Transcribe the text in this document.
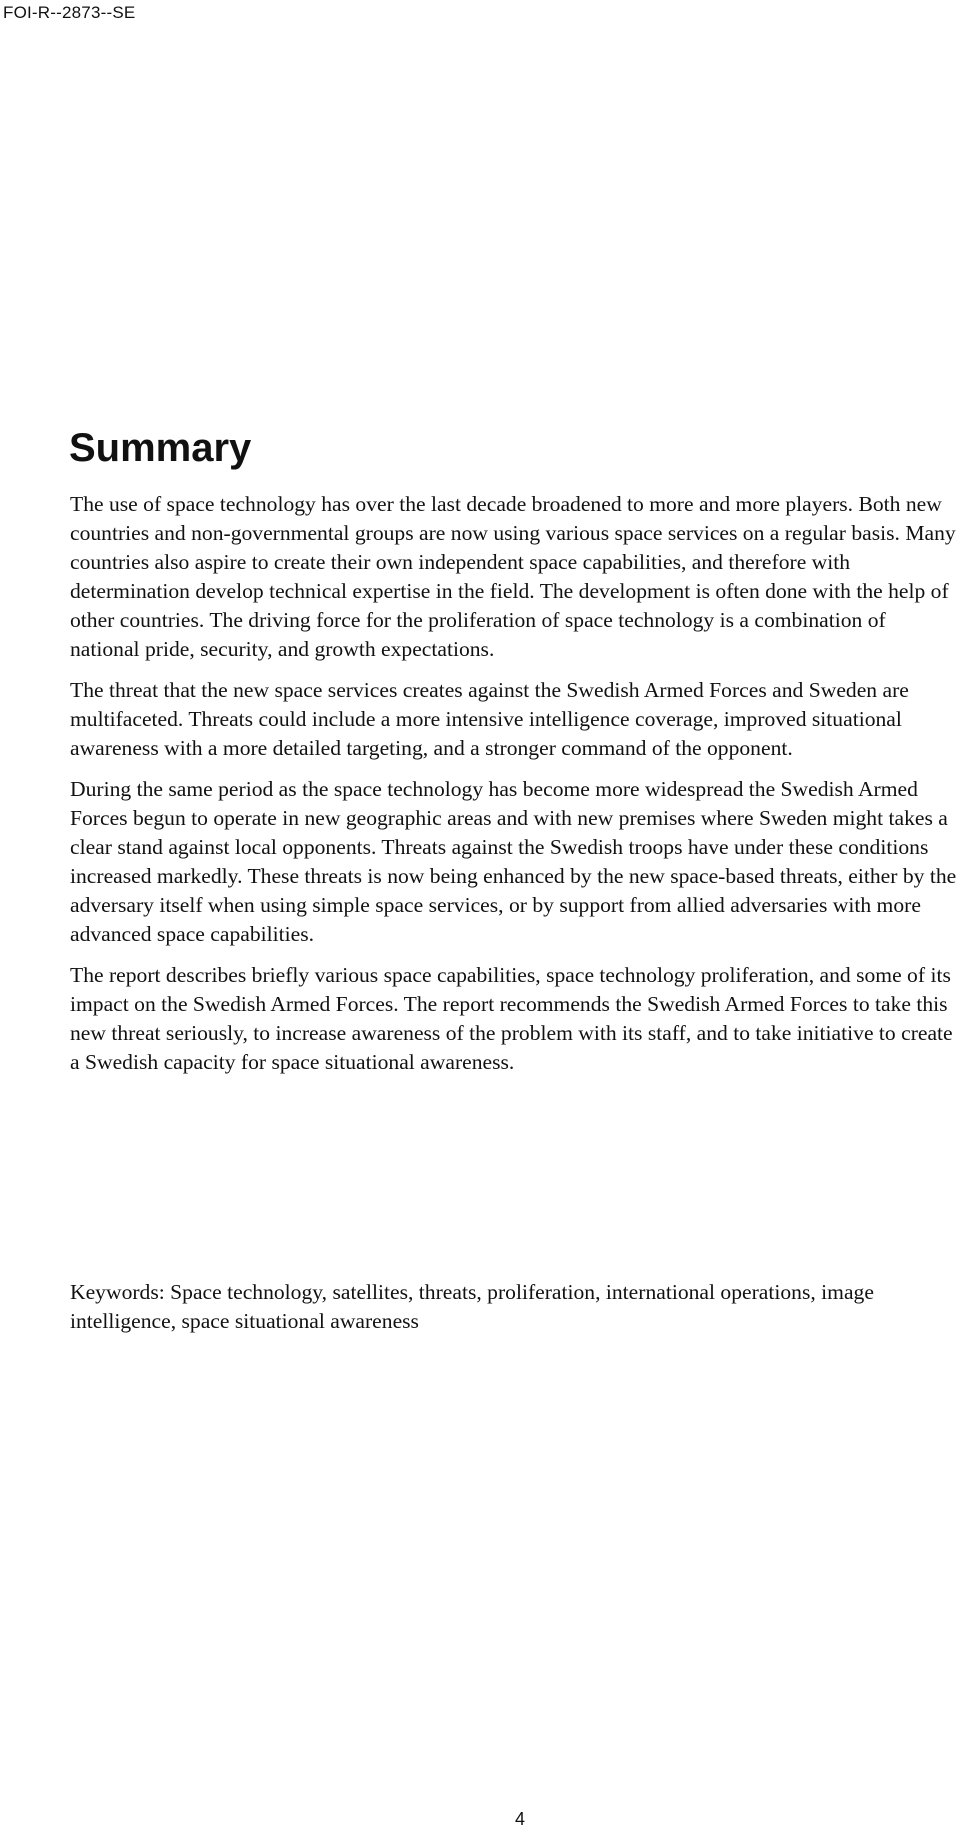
FOI-R--2873--SE
Summary

The use of space technology has over the last decade broadened to more and more players. Both new countries and non-governmental groups are now using various space services on a regular basis. Many countries also aspire to create their own independent space capabilities, and therefore with determination develop technical expertise in the field. The development is often done with the help of other countries. The driving force for the proliferation of space technology is a combination of national pride, security, and growth expectations.

The threat that the new space services creates against the Swedish Armed Forces and Sweden are multifaceted. Threats could include a more intensive intelligence coverage, improved situational awareness with a more detailed targeting, and a stronger command of the opponent.

During the same period as the space technology has become more widespread the Swedish Armed Forces begun to operate in new geographic areas and with new premises where Sweden might takes a clear stand against local opponents. Threats against the Swedish troops have under these conditions increased markedly. These threats is now being enhanced by the new space-based threats, either by the adversary itself when using simple space services, or by support from allied adversaries with more advanced space capabilities.

The report describes briefly various space capabilities, space technology proliferation, and some of its impact on the Swedish Armed Forces. The report recommends the Swedish Armed Forces to take this new threat seriously, to increase awareness of the problem with its staff, and to take initiative to create a Swedish capacity for space situational awareness.

Keywords: Space technology, satellites, threats, proliferation, international operations, image intelligence, space situational awareness

4
